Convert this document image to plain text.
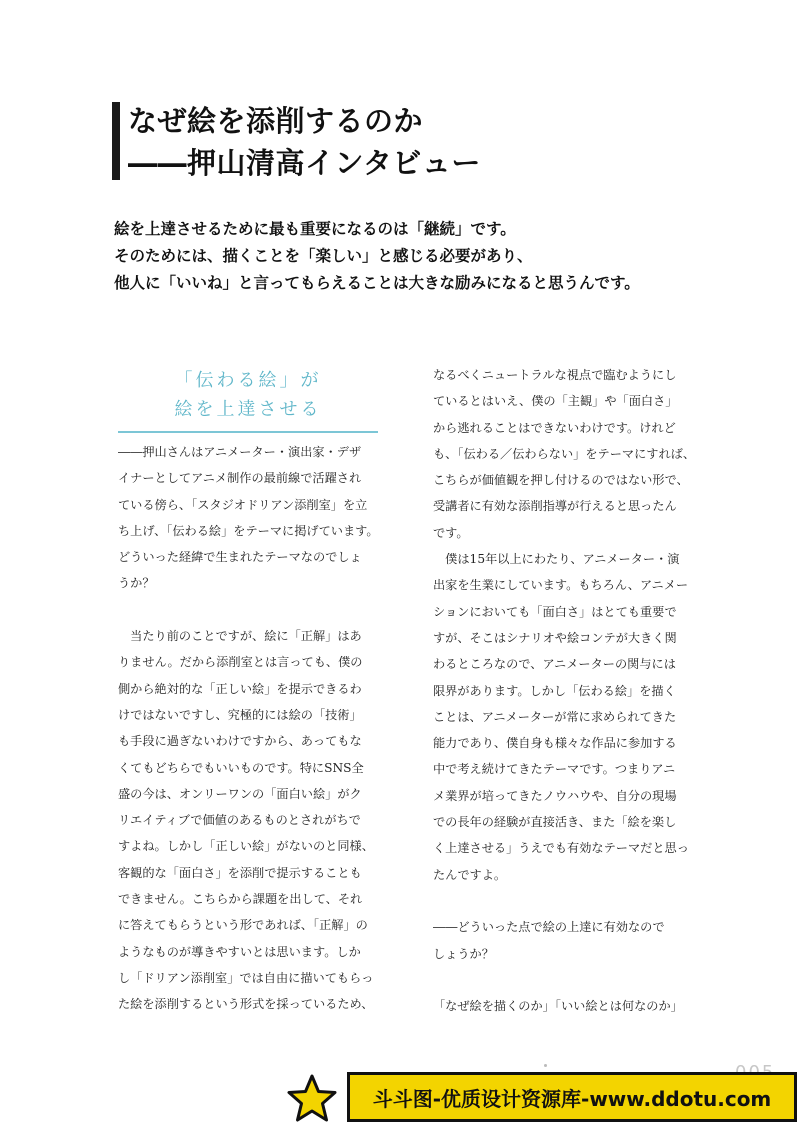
なぜ絵を添削するのか
――押山清高インタビュー
絵を上達させるために最も重要になるのは「継続」です。
そのためには、描くことを「楽しい」と感じる必要があり、
他人に「いいね」と言ってもらえることは大きな励みになると思うんです。
「伝わる絵」が
絵を上達させる

――押山さんはアニメーター・演出家・デザ

イナーとしてアニメ制作の最前線で活躍され

ている傍ら、「スタジオドリアン添削室」を立

ち上げ、「伝わる絵」をテーマに掲げています。

どういった経緯で生まれたテーマなのでしょ

うか？

　当たり前のことですが、絵に「正解」はあ

りません。だから添削室とは言っても、僕の

側から絶対的な「正しい絵」を提示できるわ

けではないですし、究極的には絵の「技術」

も手段に過ぎないわけですから、あってもな

くてもどちらでもいいものです。特にSNS全

盛の今は、オンリーワンの「面白い絵」がク

リエイティブで価値のあるものとされがちで

すよね。しかし「正しい絵」がないのと同様、

客観的な「面白さ」を添削で提示することも

できません。こちらから課題を出して、それ

に答えてもらうという形であれば、「正解」の

ようなものが導きやすいとは思います。しか

し「ドリアン添削室」では自由に描いてもらっ

た絵を添削するという形式を採っているため、

なるべくニュートラルな視点で臨むようにし

ているとはいえ、僕の「主観」や「面白さ」

から逃れることはできないわけです。けれど

も、「伝わる／伝わらない」をテーマにすれば、

こちらが価値観を押し付けるのではない形で、

受講者に有効な添削指導が行えると思ったん

です。

　僕は15年以上にわたり、アニメーター・演

出家を生業にしています。もちろん、アニメー

ションにおいても「面白さ」はとても重要で

すが、そこはシナリオや絵コンテが大きく関

わるところなので、アニメーターの関与には

限界があります。しかし「伝わる絵」を描く

ことは、アニメーターが常に求められてきた

能力であり、僕自身も様々な作品に参加する

中で考え続けてきたテーマです。つまりアニ

メ業界が培ってきたノウハウや、自分の現場

での長年の経験が直接活き、また「絵を楽し

く上達させる」うえでも有効なテーマだと思っ

たんですよ。

――どういった点で絵の上達に有効なので

しょうか？

「なぜ絵を描くのか」「いい絵とは何なのか」

斗斗图-优质设计资源库-www.ddotu.com
